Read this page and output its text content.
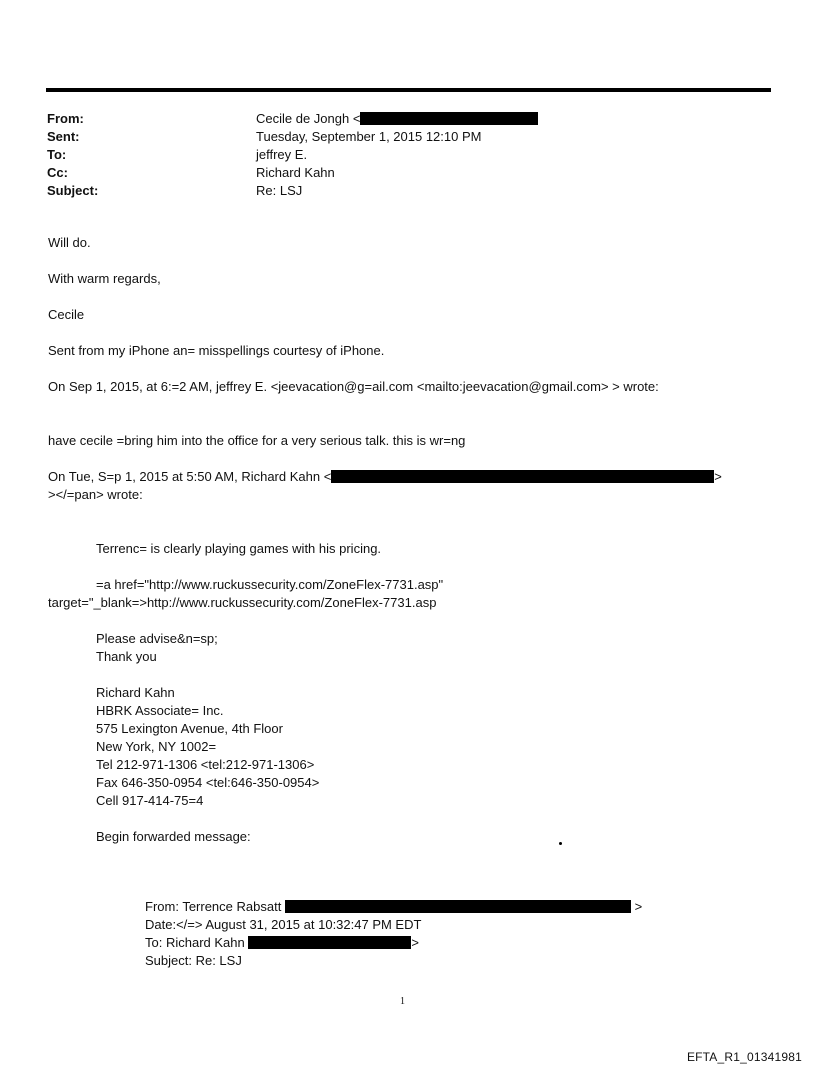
From:	Cecile de Jongh <
Sent:	Tuesday, September 1, 2015 12:10 PM
To:	jeffrey E.
Cc:	Richard Kahn
Subject:	Re: LSJ
Will do.
With warm regards,
Cecile
Sent from my iPhone an= misspellings courtesy of iPhone.
On Sep 1, 2015, at 6:=2 AM, jeffrey E. <jeevacation@g=ail.com <mailto:jeevacation@gmail.com> > wrote:
have cecile =bring him into the office for a very serious talk. this is wr=ng
On Tue, S=p 1, 2015 at 5:50 AM, Richard Kahn <	>
></=pan> wrote:
Terrenc= is clearly playing games with his pricing.
=a href="http://www.ruckussecurity.com/ZoneFlex-7731.asp"
target="_blank=>http://www.ruckussecurity.com/ZoneFlex-7731.asp
Please advise&n=sp;
Thank you
Richard Kahn
HBRK Associate= Inc.
575 Lexington Avenue, 4th Floor
New York, NY 1002=
Tel 212-971-1306 <tel:212-971-1306>
Fax 646-350-0954 <tel:646-350-0954>
Cell 917-414-75=4
Begin forwarded message:
From: Terrence Rabsatt	>
Date:</=> August 31, 2015 at 10:32:47 PM EDT
To: Richard Kahn	>
Subject: Re: LSJ
1
EFTA_R1_01341981
